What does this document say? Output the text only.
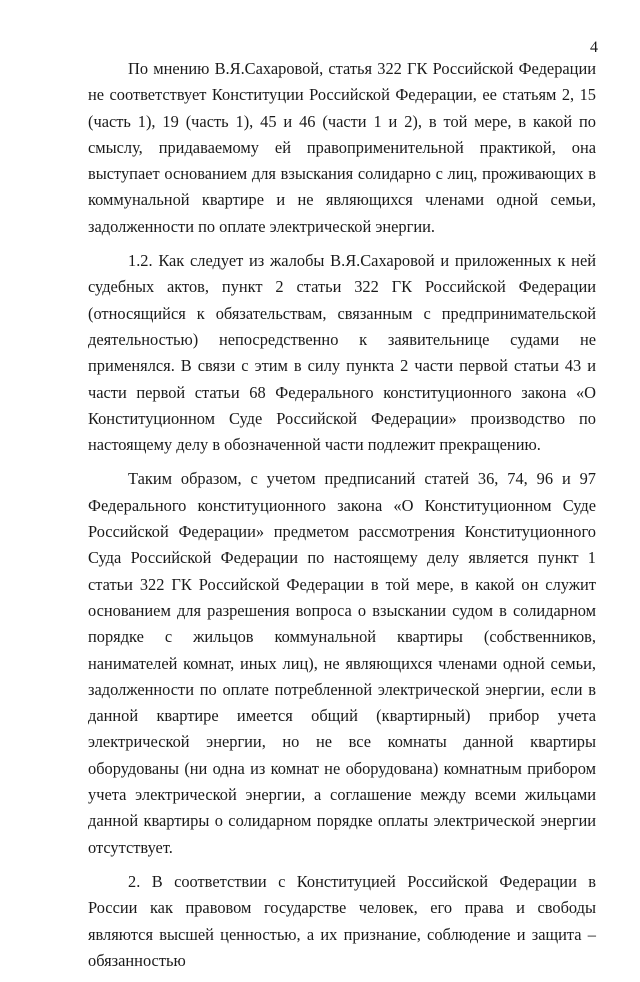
4

По мнению В.Я.Сахаровой, статья 322 ГК Российской Федерации не соответствует Конституции Российской Федерации, ее статьям 2, 15 (часть 1), 19 (часть 1), 45 и 46 (части 1 и 2), в той мере, в какой по смыслу, придаваемому ей правоприменительной практикой, она выступает основанием для взыскания солидарно с лиц, проживающих в коммунальной квартире и не являющихся членами одной семьи, задолженности по оплате электрической энергии.

1.2. Как следует из жалобы В.Я.Сахаровой и приложенных к ней судебных актов, пункт 2 статьи 322 ГК Российской Федерации (относящийся к обязательствам, связанным с предпринимательской деятельностью) непосредственно к заявительнице судами не применялся. В связи с этим в силу пункта 2 части первой статьи 43 и части первой статьи 68 Федерального конституционного закона «О Конституционном Суде Российской Федерации» производство по настоящему делу в обозначенной части подлежит прекращению.

Таким образом, с учетом предписаний статей 36, 74, 96 и 97 Федерального конституционного закона «О Конституционном Суде Российской Федерации» предметом рассмотрения Конституционного Суда Российской Федерации по настоящему делу является пункт 1 статьи 322 ГК Российской Федерации в той мере, в какой он служит основанием для разрешения вопроса о взыскании судом в солидарном порядке с жильцов коммунальной квартиры (собственников, нанимателей комнат, иных лиц), не являющихся членами одной семьи, задолженности по оплате потребленной электрической энергии, если в данной квартире имеется общий (квартирный) прибор учета электрической энергии, но не все комнаты данной квартиры оборудованы (ни одна из комнат не оборудована) комнатным прибором учета электрической энергии, а соглашение между всеми жильцами данной квартиры о солидарном порядке оплаты электрической энергии отсутствует.

2. В соответствии с Конституцией Российской Федерации в России как правовом государстве человек, его права и свободы являются высшей ценностью, а их признание, соблюдение и защита – обязанностью
